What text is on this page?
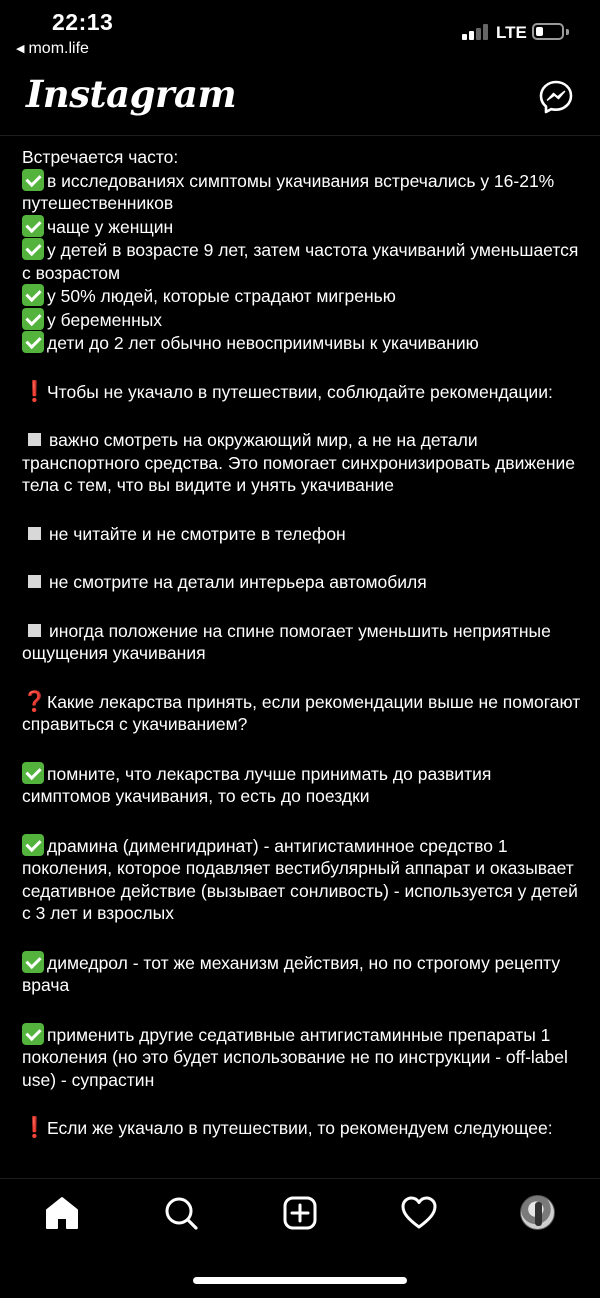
22:13
◀ mom.life
LTE
Instagram

Встречается часто:

в исследованиях симптомы укачивания встречались у 16-21% путешественников

чаще у женщин

у детей в возрасте 9 лет, затем частота укачиваний уменьшается с возрастом

у 50% людей, которые страдают мигренью

у беременных

дети до 2 лет обычно невосприимчивы к укачиванию

❗Чтобы не укачало в путешествии, соблюдайте рекомендации:

важно смотреть на окружающий мир, а не на детали транспортного средства. Это помогает синхронизировать движение тела с тем, что вы видите и унять укачивание

не читайте и не смотрите в телефон

не смотрите на детали интерьера автомобиля

иногда положение на спине помогает уменьшить неприятные ощущения укачивания

❓Какие лекарства принять, если рекомендации выше не помогают справиться с укачиванием?

помните, что лекарства лучше принимать до развития симптомов укачивания, то есть до поездки

драмина (дименгидринат) - антигистаминное средство 1 поколения, которое подавляет вестибулярный аппарат и оказывает седативное действие (вызывает сонливость) - используется у детей с 3 лет и взрослых

димедрол - тот же механизм действия, но по строгому рецепту врача

применить другие седативные антигистаминные препараты 1 поколения (но это будет использование не по инструкции - off-label use) - супрастин

❗Если же укачало в путешествии, то рекомендуем следующее:
